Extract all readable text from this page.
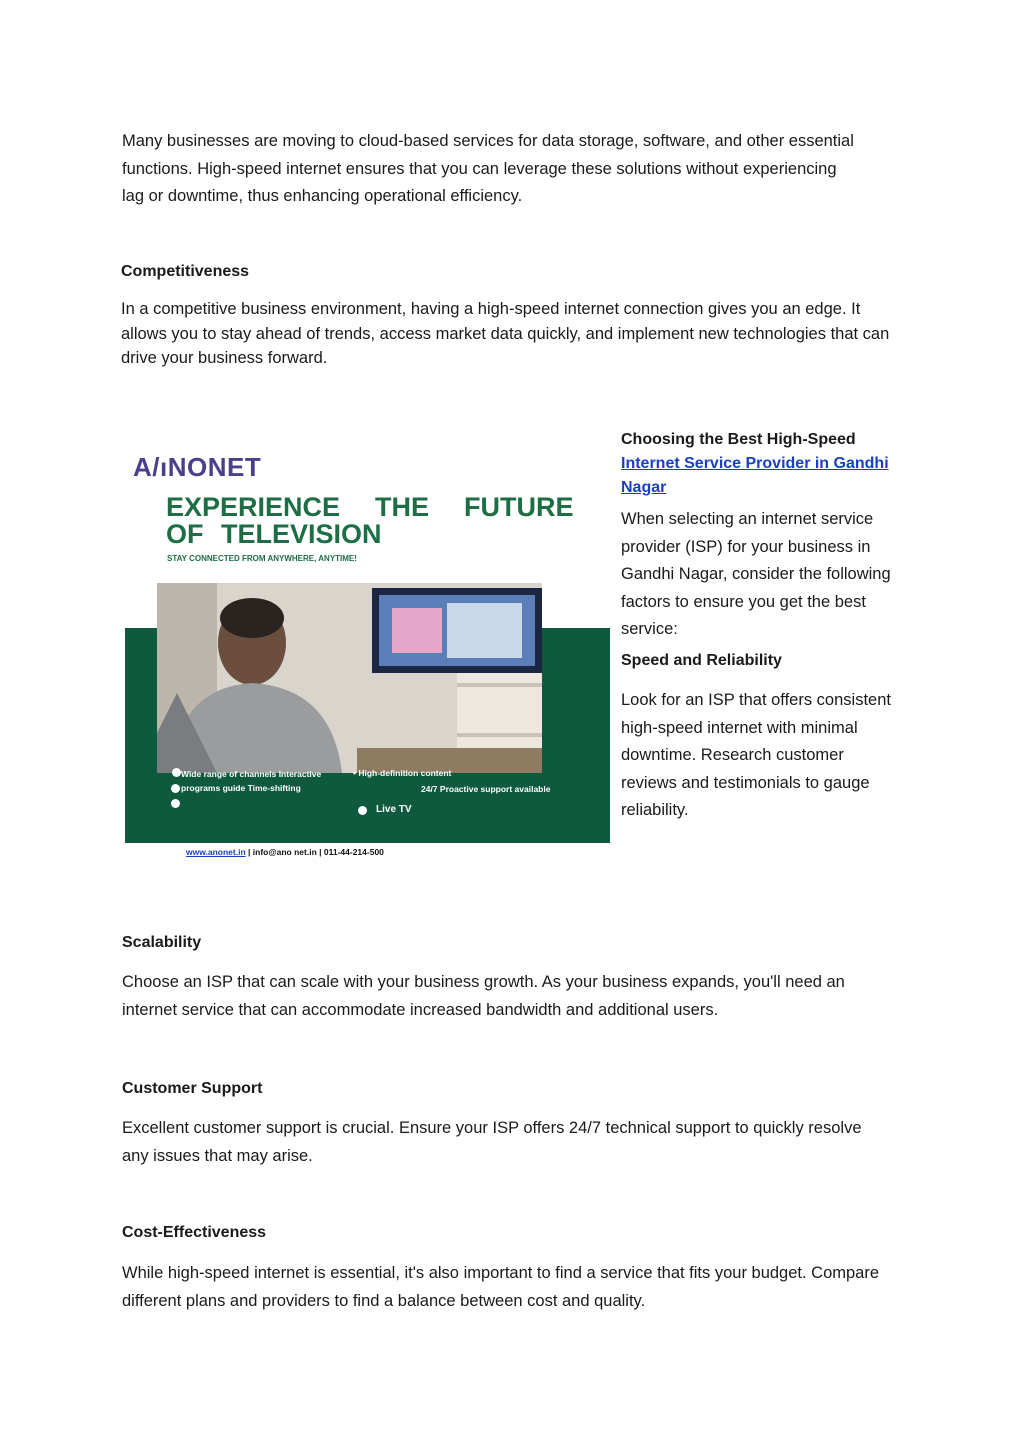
Many businesses are moving to cloud-based services for data storage, software, and other essential functions. High-speed internet ensures that you can leverage these solutions without experiencing lag or downtime, thus enhancing operational efficiency.

Competitiveness

In a competitive business environment, having a high-speed internet connection gives you an edge. It allows you to stay ahead of trends, access market data quickly, and implement new technologies that can drive your business forward.

A/ıNONET
EXPERIENCE  THE  FUTURE
OF TELEVISION
STAY CONNECTED FROM ANYWHERE, ANYTIME!
Wide range of channels Interactive
programs guide Time-shifting
• High-definition content
24/7 Proactive support available
Live TV
www.anonet.in | info@ano net.in | 011-44-214-500
Choosing the Best High-Speed
Internet Service Provider in Gandhi Nagar

When selecting an internet service provider (ISP) for your business in Gandhi Nagar, consider the following factors to ensure you get the best service:

Speed and Reliability

Look for an ISP that offers consistent high-speed internet with minimal downtime. Research customer reviews and testimonials to gauge reliability.

Scalability

Choose an ISP that can scale with your business growth. As your business expands, you'll need an internet service that can accommodate increased bandwidth and additional users.

Customer Support

Excellent customer support is crucial. Ensure your ISP offers 24/7 technical support to quickly resolve any issues that may arise.

Cost-Effectiveness

While high-speed internet is essential, it's also important to find a service that fits your budget. Compare different plans and providers to find a balance between cost and quality.
